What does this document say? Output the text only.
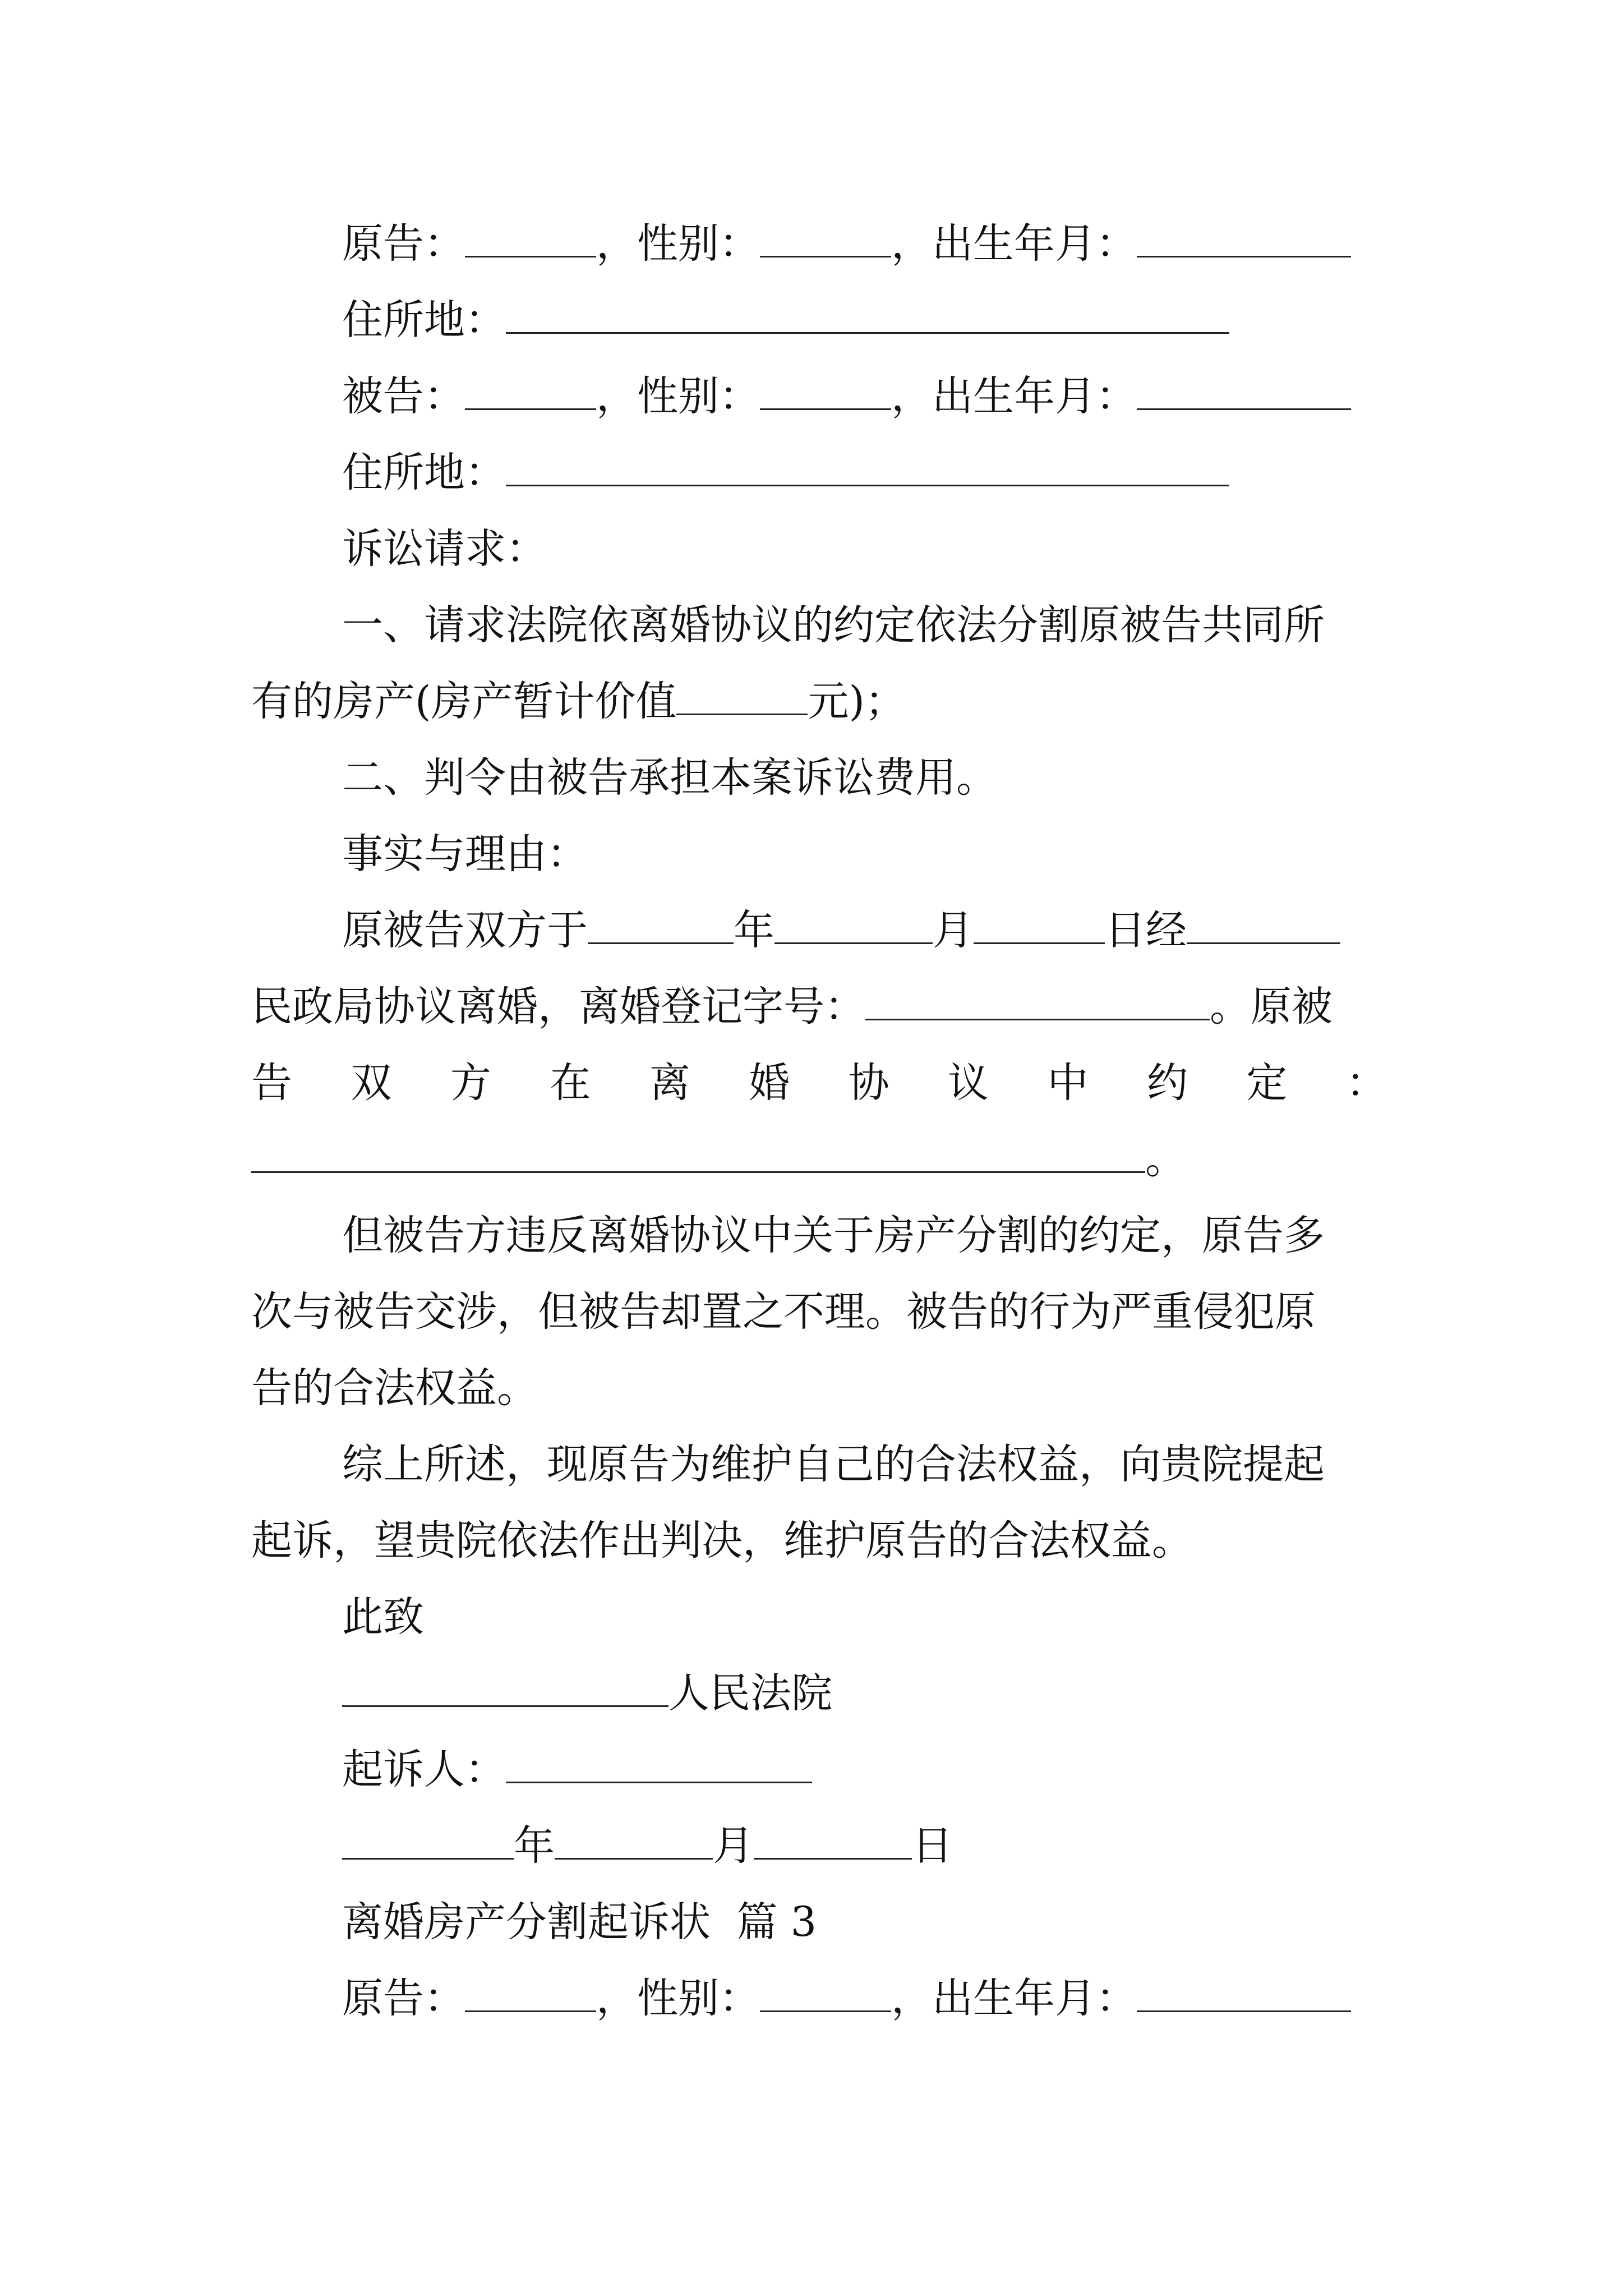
原告：	，性别：	，出生年月：
住所地：
被告：	，性别：	，出生年月：
住所地：
诉讼请求：
一、请求法院依离婚协议的约定依法分割原被告共同所
有的房产(房产暂计价值	元)；
二、判令由被告承担本案诉讼费用。
事实与理由：
原被告双方于	年	月	日经
民政局协议离婚，离婚登记字号：	。原被
告 双 方 在 离 婚 协 议 中 约 定 ：
。
但被告方违反离婚协议中关于房产分割的约定，原告多
次与被告交涉，但被告却置之不理。被告的行为严重侵犯原
告的合法权益。
综上所述，现原告为维护自己的合法权益，向贵院提起
起诉，望贵院依法作出判决，维护原告的合法权益。
此致
人民法院
起诉人：
年	月	日
离婚房产分割起诉状  篇 3
原告：	，性别：	，出生年月：
